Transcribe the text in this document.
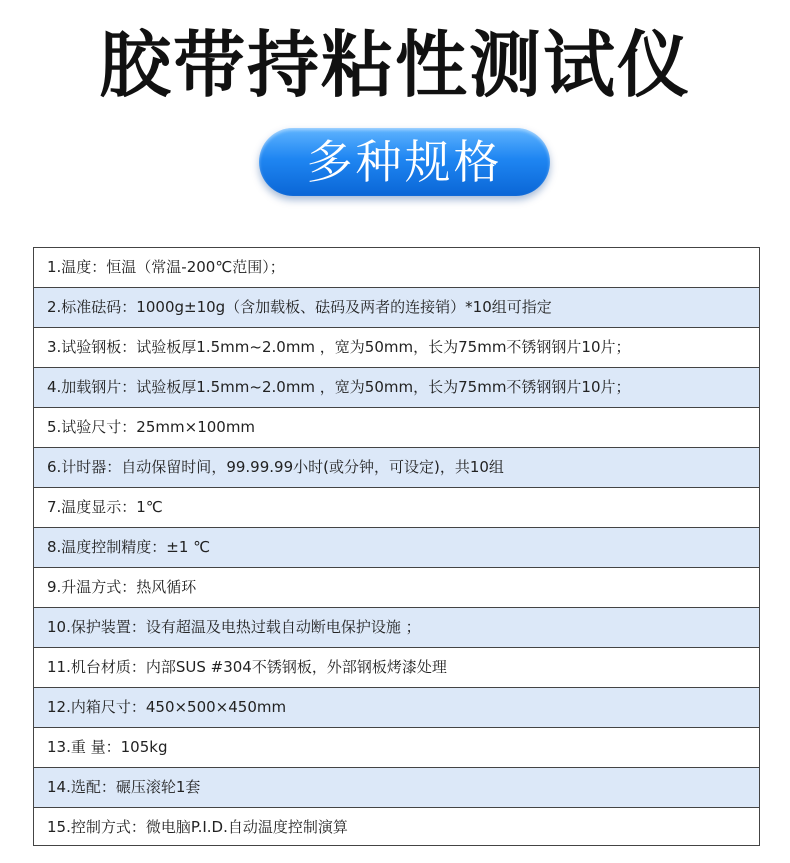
胶带持粘性测试仪
多种规格
1.温度：恒温（常温-200℃范围）；
2.标准砝码：1000g±10g（含加载板、砝码及两者的连接销）*10组可指定
3.试验钢板：试验板厚1.5mm~2.0mm ，宽为50mm，长为75mm不锈钢钢片10片；
4.加载钢片：试验板厚1.5mm~2.0mm ，宽为50mm，长为75mm不锈钢钢片10片；
5.试验尺寸：25mm×100mm
6.计时器：自动保留时间，99.99.99小时(或分钟，可设定)，共10组
7.温度显示：1℃
8.温度控制精度：±1 ℃
9.升温方式：热风循环
10.保护装置：设有超温及电热过载自动断电保护设施 ；
11.机台材质：内部SUS #304不锈钢板，外部钢板烤漆处理
12.内箱尺寸：450×500×450mm
13.重 量：105kg
14.选配：碾压滚轮1套
15.控制方式：微电脑P.I.D.自动温度控制演算
